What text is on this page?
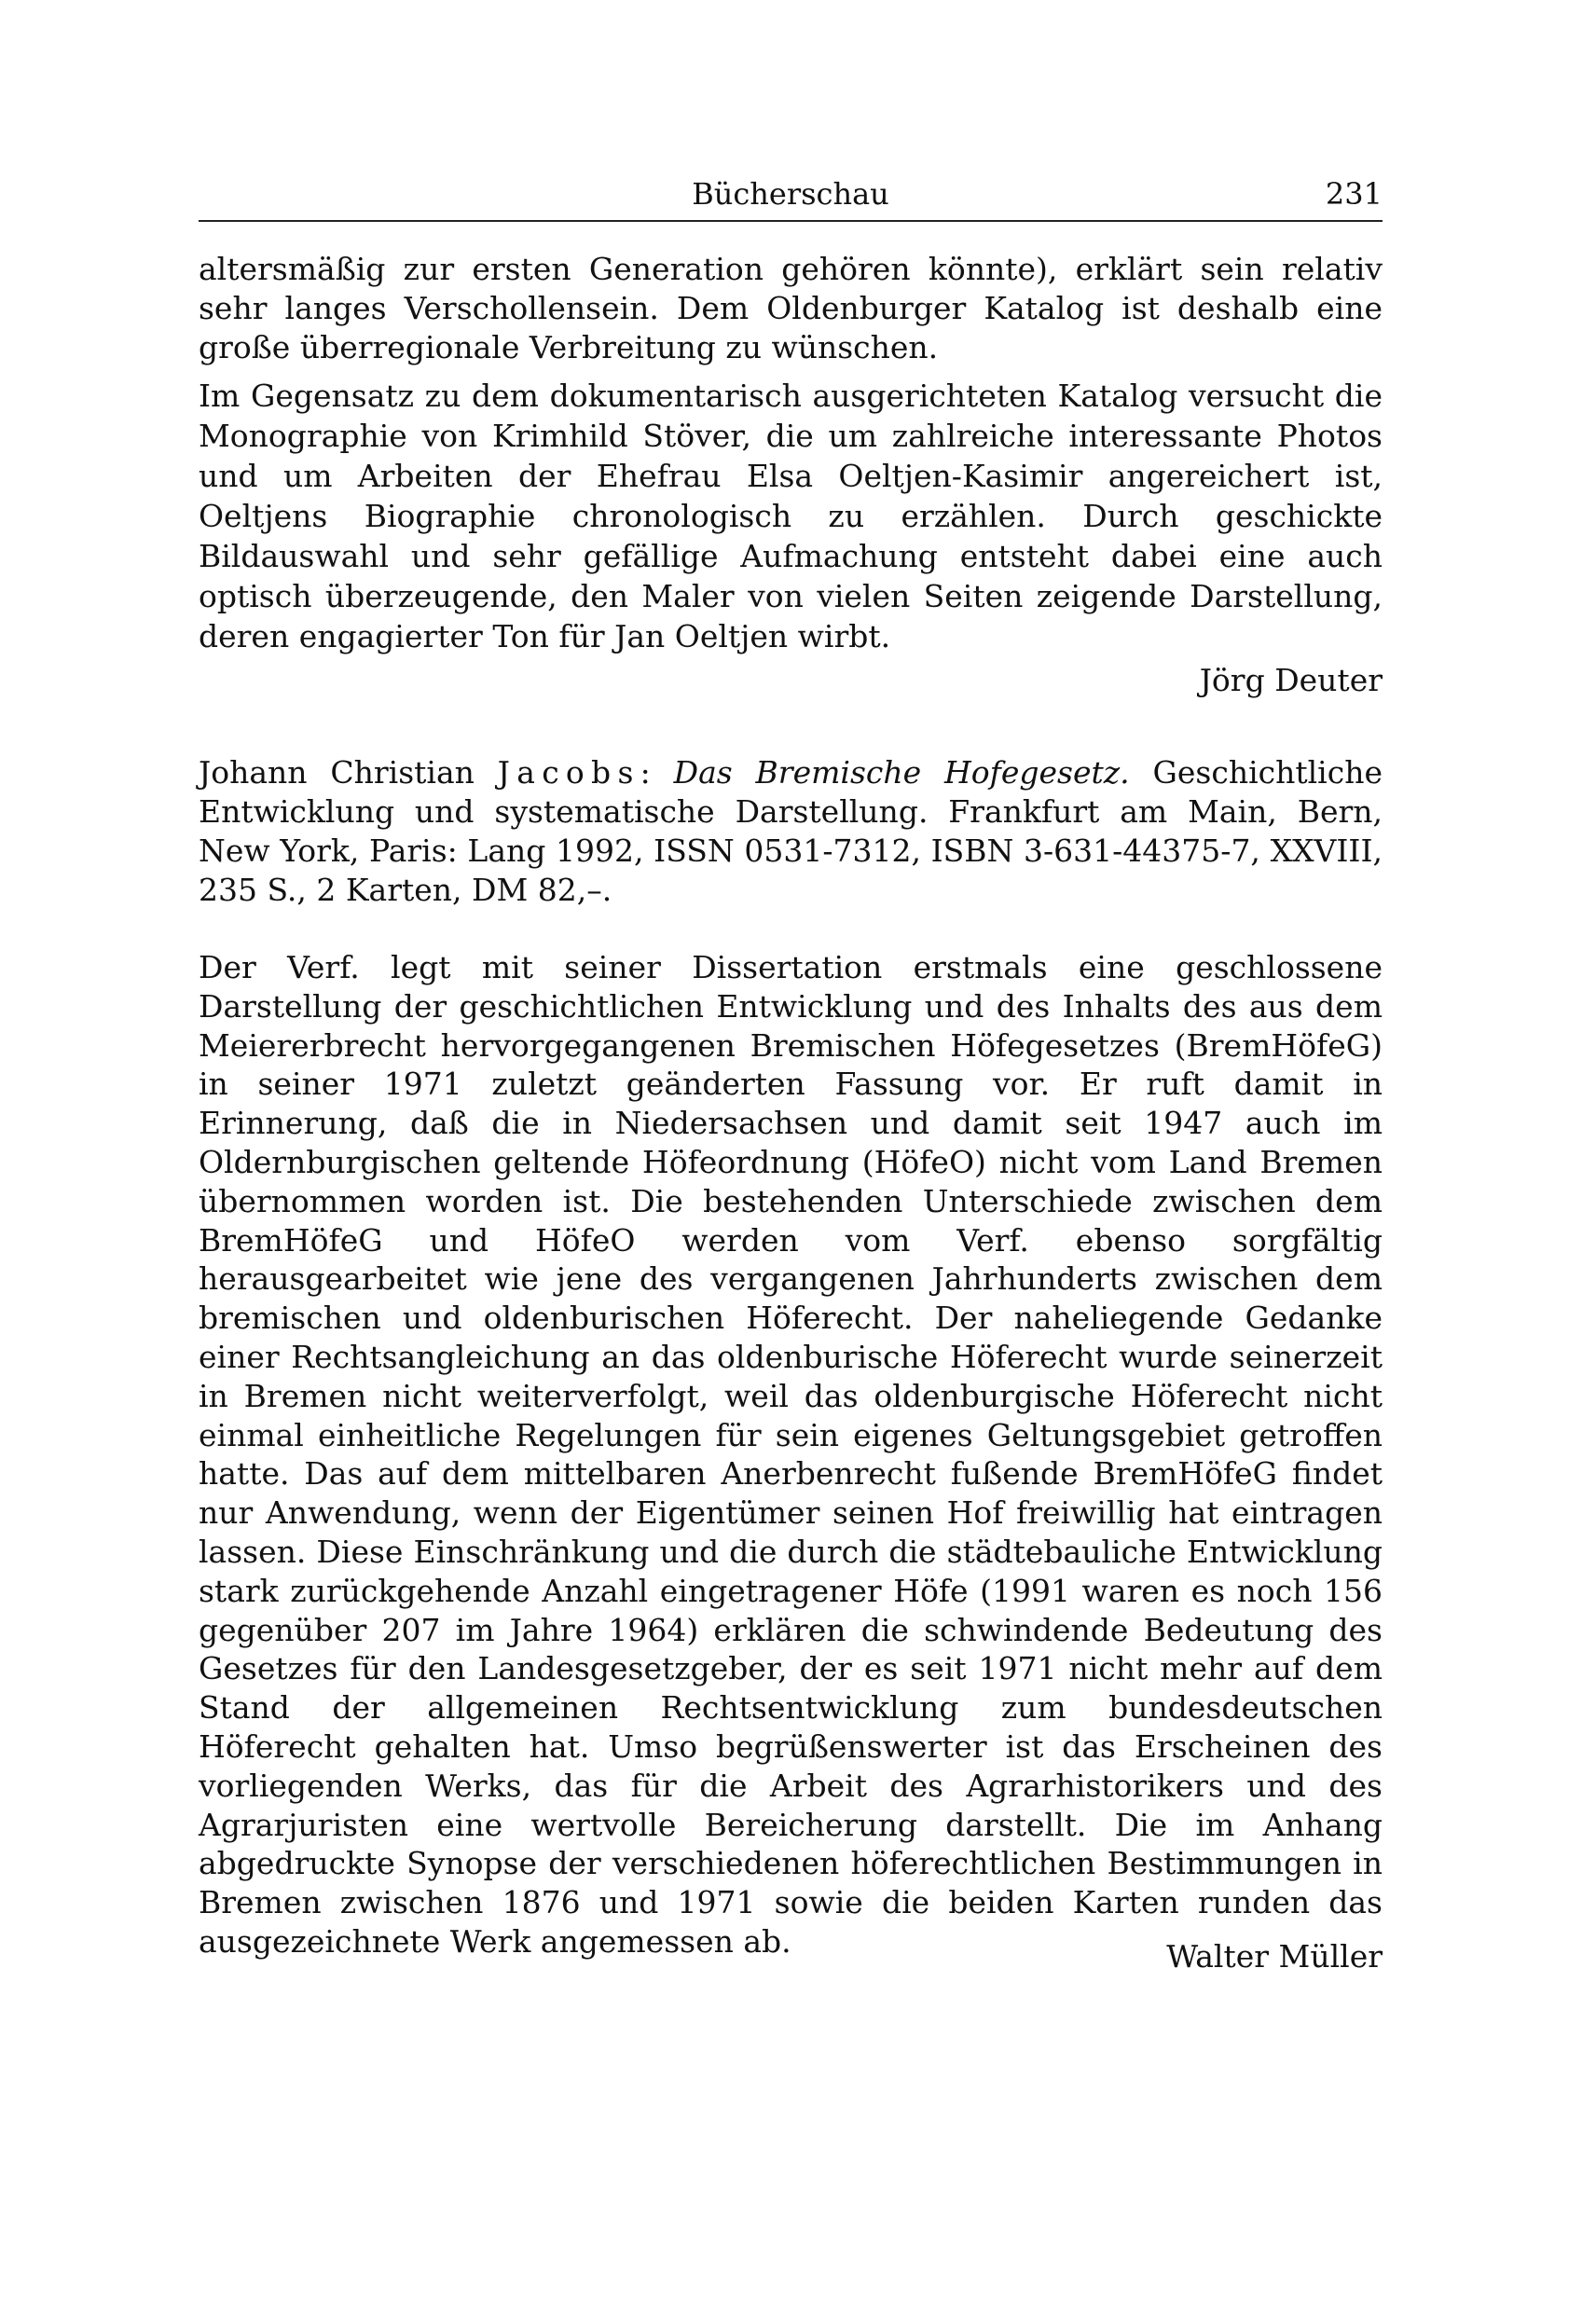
Bücherschau	231

altersmäßig zur ersten Generation gehören könnte), erklärt sein relativ sehr langes Verschollensein. Dem Oldenburger Katalog ist deshalb eine große überregionale Verbreitung zu wünschen.

Im Gegensatz zu dem dokumentarisch ausgerichteten Katalog versucht die Monographie von Krimhild Stöver, die um zahlreiche interessante Photos und um Arbeiten der Ehefrau Elsa Oeltjen-Kasimir angereichert ist, Oeltjens Biographie chronologisch zu erzählen. Durch geschickte Bildauswahl und sehr gefällige Aufmachung entsteht dabei eine auch optisch überzeugende, den Maler von vielen Seiten zeigende Darstellung, deren engagierter Ton für Jan Oeltjen wirbt.

Jörg Deuter

Johann Christian Jacobs: Das Bremische Hofegesetz. Geschichtliche Entwicklung und systematische Darstellung. Frankfurt am Main, Bern, New York, Paris: Lang 1992, ISSN 0531-7312, ISBN 3-631-44375-7, XXVIII, 235 S., 2 Karten, DM 82,–.

Der Verf. legt mit seiner Dissertation erstmals eine geschlossene Darstellung der geschichtlichen Entwicklung und des Inhalts des aus dem Meiererbrecht hervorgegangenen Bremischen Höfegesetzes (BremHöfeG) in seiner 1971 zuletzt geänderten Fassung vor. Er ruft damit in Erinnerung, daß die in Niedersachsen und damit seit 1947 auch im Oldernburgischen geltende Höfeordnung (HöfeO) nicht vom Land Bremen übernommen worden ist. Die bestehenden Unterschiede zwischen dem BremHöfeG und HöfeO werden vom Verf. ebenso sorgfältig herausgearbeitet wie jene des vergangenen Jahrhunderts zwischen dem bremischen und oldenburischen Höferecht. Der naheliegende Gedanke einer Rechtsangleichung an das oldenburische Höferecht wurde seinerzeit in Bremen nicht weiterverfolgt, weil das oldenburgische Höferecht nicht einmal einheitliche Regelungen für sein eigenes Geltungsgebiet getroffen hatte. Das auf dem mittelbaren Anerbenrecht fußende BremHöfeG findet nur Anwendung, wenn der Eigentümer seinen Hof freiwillig hat eintragen lassen. Diese Einschränkung und die durch die städtebauliche Entwicklung stark zurückgehende Anzahl eingetragener Höfe (1991 waren es noch 156 gegenüber 207 im Jahre 1964) erklären die schwindende Bedeutung des Gesetzes für den Landesgesetzgeber, der es seit 1971 nicht mehr auf dem Stand der allgemeinen Rechtsentwicklung zum bundesdeutschen Höferecht gehalten hat. Umso begrüßenswerter ist das Erscheinen des vorliegenden Werks, das für die Arbeit des Agrarhistorikers und des Agrarjuristen eine wertvolle Bereicherung darstellt. Die im Anhang abgedruckte Synopse der verschiedenen höferechtlichen Bestimmungen in Bremen zwischen 1876 und 1971 sowie die beiden Karten runden das ausgezeichnete Werk angemessen ab.	Walter Müller
